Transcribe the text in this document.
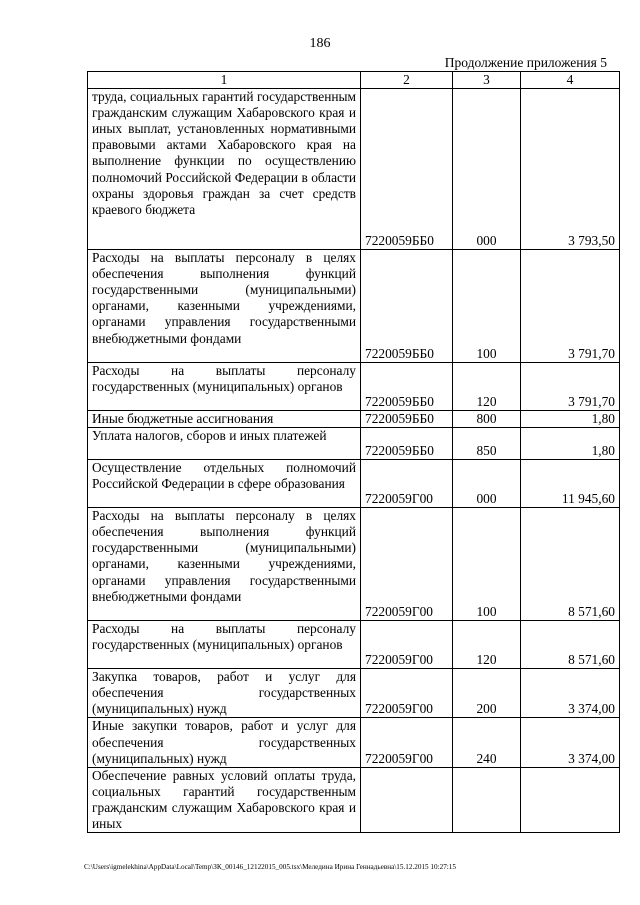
186
Продолжение приложения 5
1	2	3	4
труда, социальных гарантий государственным гражданским служащим Хабаровского края и иных выплат, установленных нормативными правовыми актами Хабаровского края на выполнение функции по осуществлению полномочий Российской Федерации в области охраны здоровья граждан за счет средств краевого бюджета	7220059ББ0	000	3 793,50
Расходы на выплаты персоналу в целях обеспечения выполнения функций государственными (муниципальными) органами, казенными учреждениями, органами управления государственными внебюджетными фондами	7220059ББ0	100	3 791,70
Расходы на выплаты персоналу государственных (муниципальных) органов	7220059ББ0	120	3 791,70
Иные бюджетные ассигнования	7220059ББ0	800	1,80
Уплата налогов, сборов и иных платежей	7220059ББ0	850	1,80
Осуществление отдельных полномочий Российской Федерации в сфере образования	7220059Г00	000	11 945,60
Расходы на выплаты персоналу в целях обеспечения выполнения функций государственными (муниципальными) органами, казенными учреждениями, органами управления государственными внебюджетными фондами	7220059Г00	100	8 571,60
Расходы на выплаты персоналу государственных (муниципальных) органов	7220059Г00	120	8 571,60
Закупка товаров, работ и услуг для обеспечения государственных (муниципальных) нужд	7220059Г00	200	3 374,00
Иные закупки товаров, работ и услуг для обеспечения государственных (муниципальных) нужд	7220059Г00	240	3 374,00
Обеспечение равных условий оплаты труда, социальных гарантий государственным гражданским служащим Хабаровского края и иных			
C:\Users\igmelekhina\AppData\Local\Temp\ЗК_00146_12122015_005.tsx\Меледина Ирина Геннадьевна\15.12.2015 10:27:15
